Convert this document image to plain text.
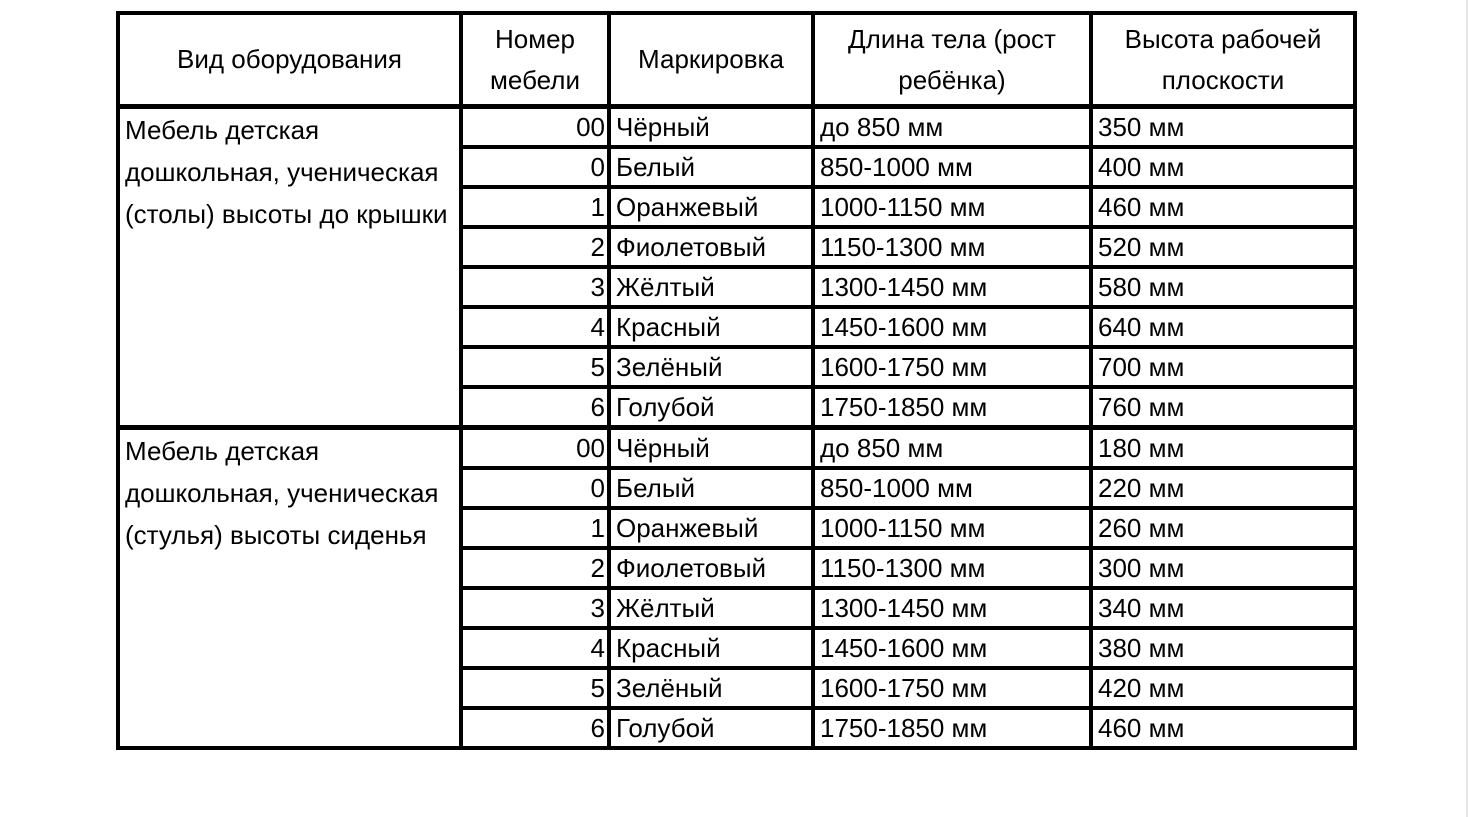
Вид оборудования	Номер мебели	Маркировка	Длина тела (рост ребёнка)	Высота рабочей плоскости
Мебель детская дошкольная, ученическая (столы) высоты до крышки	00	Чёрный	до 850 мм	350 мм
	0	Белый	850-1000 мм	400 мм
	1	Оранжевый	1000-1150 мм	460 мм
	2	Фиолетовый	1150-1300 мм	520 мм
	3	Жёлтый	1300-1450 мм	580 мм
	4	Красный	1450-1600 мм	640 мм
	5	Зелёный	1600-1750 мм	700 мм
	6	Голубой	1750-1850 мм	760 мм
Мебель детская дошкольная, ученическая (стулья) высоты сиденья	00	Чёрный	до 850 мм	180 мм
	0	Белый	850-1000 мм	220 мм
	1	Оранжевый	1000-1150 мм	260 мм
	2	Фиолетовый	1150-1300 мм	300 мм
	3	Жёлтый	1300-1450 мм	340 мм
	4	Красный	1450-1600 мм	380 мм
	5	Зелёный	1600-1750 мм	420 мм
	6	Голубой	1750-1850 мм	460 мм
